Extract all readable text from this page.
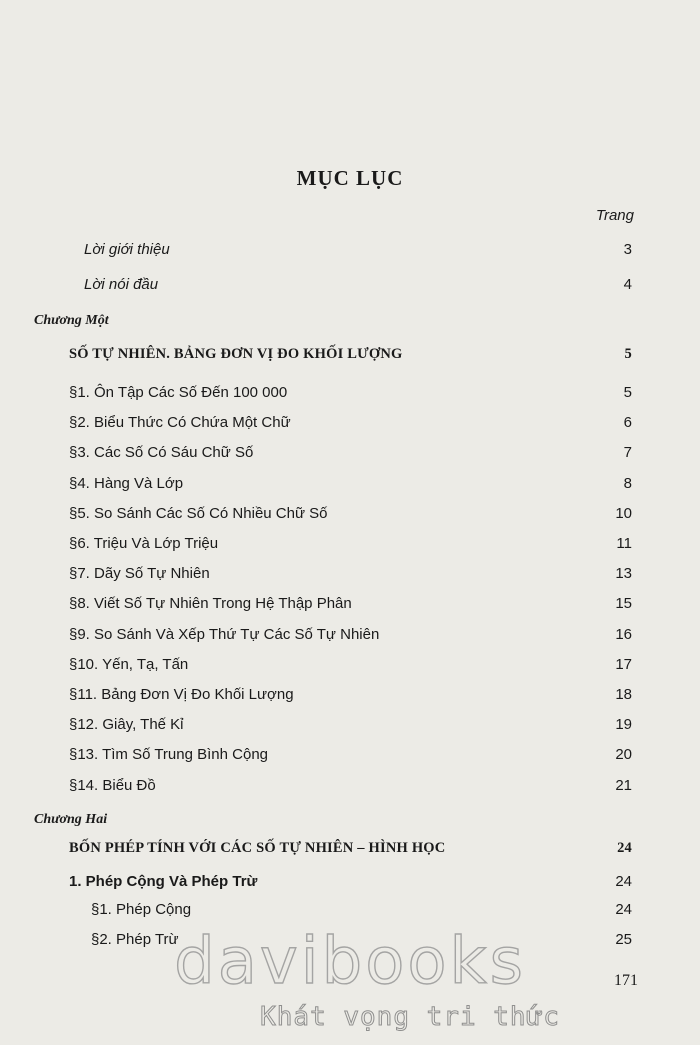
MỤC LỤC
Trang
Lời giới thiệu	3
Lời nói đầu	4
Chương Một
SỐ TỰ NHIÊN. BẢNG ĐƠN VỊ ĐO KHỐI LƯỢNG	5
§1. Ôn Tập Các Số Đến 100 000	5
§2. Biểu Thức Có Chứa Một Chữ	6
§3. Các Số Có Sáu Chữ Số	7
§4. Hàng Và Lớp	8
§5. So Sánh Các Số Có Nhiều Chữ Số	10
§6. Triệu Và Lớp Triệu	11
§7. Dãy Số Tự Nhiên	13
§8. Viết Số Tự Nhiên Trong Hệ Thập Phân	15
§9. So Sánh Và Xếp Thứ Tự Các Số Tự Nhiên	16
§10. Yến, Tạ, Tấn	17
§11. Bảng Đơn Vị Đo Khối Lượng	18
§12. Giây, Thế Kỉ	19
§13. Tìm Số Trung Bình Cộng	20
§14. Biểu Đồ	21
Chương Hai
BỐN PHÉP TÍNH VỚI CÁC SỐ TỰ NHIÊN – HÌNH HỌC	24
1. Phép Cộng Và Phép Trừ	24
§1. Phép Cộng	24
§2. Phép Trừ	25
171
davibooks
Khát vọng tri thức
